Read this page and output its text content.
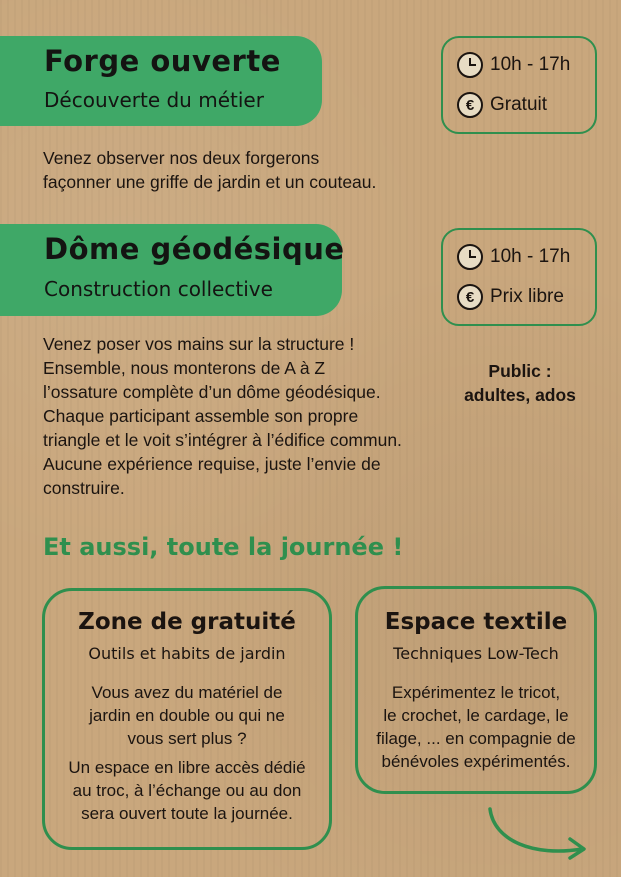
Forge ouverte
Découverte du métier
10h - 17h
€ Gratuit
Venez observer nos deux forgerons
façonner une griffe de jardin et un couteau.
Dôme géodésique
Construction collective
10h - 17h
€ Prix libre
Venez poser vos mains sur la structure !
Ensemble, nous monterons de A à Z
l’ossature complète d’un dôme géodésique.
Chaque participant assemble son propre
triangle et le voit s’intégrer à l’édifice commun.
Aucune expérience requise, juste l’envie de
construire.
Public :
adultes, ados
Et aussi, toute la journée !
Zone de gratuité
Outils et habits de jardin
Vous avez du matériel de
jardin en double ou qui ne
vous sert plus ?
Un espace en libre accès dédié
au troc, à l’échange ou au don
sera ouvert toute la journée.
Espace textile
Techniques Low-Tech
Expérimentez le tricot,
le crochet, le cardage, le
filage, ... en compagnie de
bénévoles expérimentés.
